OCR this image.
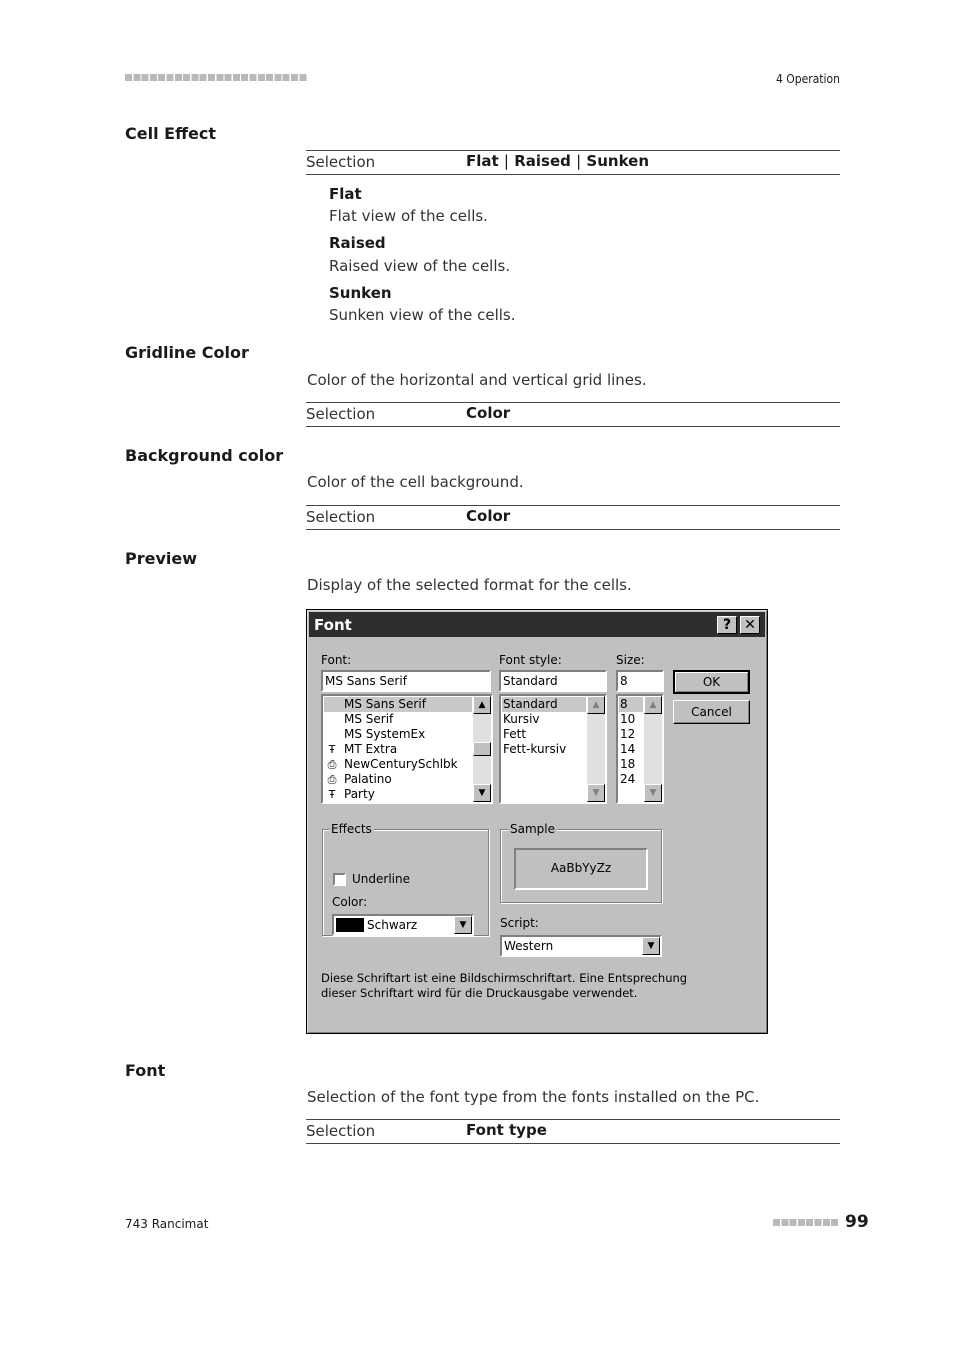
4 Operation
Cell Effect
Selection	Flat | Raised | Sunken
Flat
Flat view of the cells.
Raised
Raised view of the cells.
Sunken
Sunken view of the cells.
Gridline Color
Color of the horizontal and vertical grid lines.
Selection	Color
Background color
Color of the cell background.
Selection	Color
Preview
Display of the selected format for the cells.
Font	? ✕
Font:
MS Sans Serif
MS Sans Serif
MS Serif
MS SystemEx
Ŧ MT Extra
⎙ NewCenturySchlbk
⎙ Palatino
Ŧ Party
▲
▼
Font style:
Standard
Standard
Kursiv
Fett
Fett-kursiv
▲
▼
Size:
8
8
10
12
14
18
24
▲
▼
OK
Cancel
Effects
Underline
Color:
Schwarz	▼
Sample
AaBbYyZz
Script:
Western	▼
Diese Schriftart ist eine Bildschirmschriftart. Eine Entsprechung
dieser Schriftart wird für die Druckausgabe verwendet.
Font
Selection of the font type from the fonts installed on the PC.
Selection	Font type
743 Rancimat	99
